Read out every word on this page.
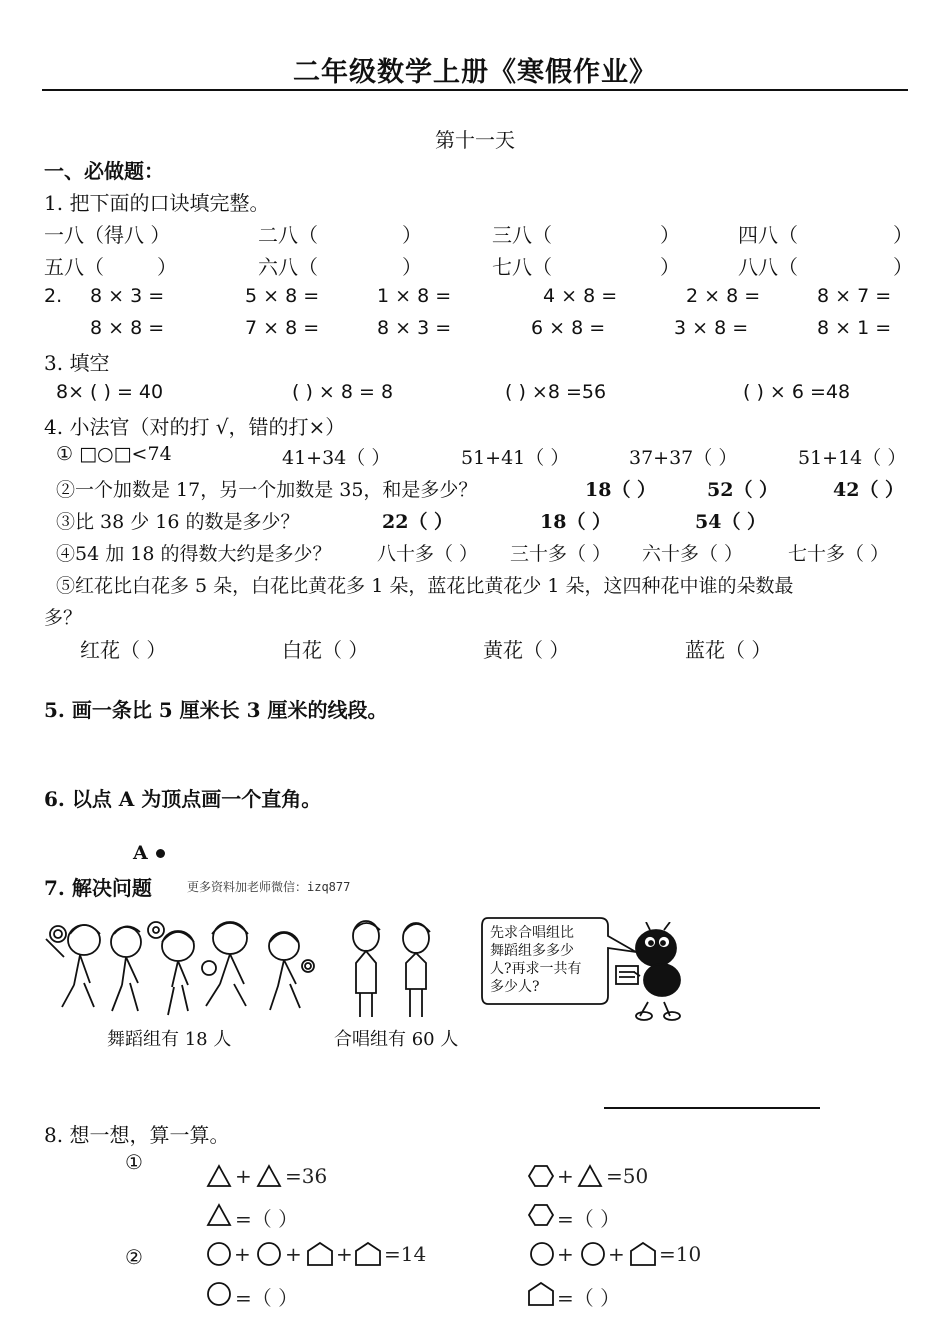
二年级数学上册《寒假作业》
第十一天
一、必做题：
1. 把下面的口诀填完整。
一八（得八 ）	二八（	）	三八（	）	四八（	）
五八（	）	六八（	）	七八（	）	八八（	）
2. 8 × 3 =	5 × 8 =	1 × 8 =	4 × 8 =	2 × 8 =	8 × 7 =
8 × 8 =	7 × 8 =	8 × 3 =	6 × 8 =	3 × 8 =	8 × 1 =
3. 填空
8× ( ) = 40	( ) × 8 = 8	( ) ×8 =56	( ) × 6 =48
4. 小法官（对的打 √，错的打×）
① □○□<74	41+34（ ）	51+41（ ）	37+37（ ）	51+14（ ）
②一个加数是 17，另一个加数是 35，和是多少？	18（ ）	52（ ）	42（ ）
③比 38 少 16 的数是多少？	22（ ）	18（ ）	54（ ）
④54 加 18 的得数大约是多少？ 八十多（ ） 三十多（ ） 六十多（ ） 七十多（ ）
⑤红花比白花多 5 朵，白花比黄花多 1 朵，蓝花比黄花少 1 朵，这四种花中谁的朵数最
多？
红花（ ）	白花（ ）	黄花（ ）	蓝花（ ）
5. 画一条比 5 厘米长 3 厘米的线段。
6. 以点 A 为顶点画一个直角。
A
7. 解决问题	更多资料加老师微信：izq877
舞蹈组有 18 人	合唱组有 60 人
先求合唱组比
舞蹈组多多少
人?再求一共有
多少人?
8. 想一想，算一算。
①
②
+ =36	+ =50
=（ ）	=（ ）
+ + + =14	+ + =10
=（ ）	=（ ）
